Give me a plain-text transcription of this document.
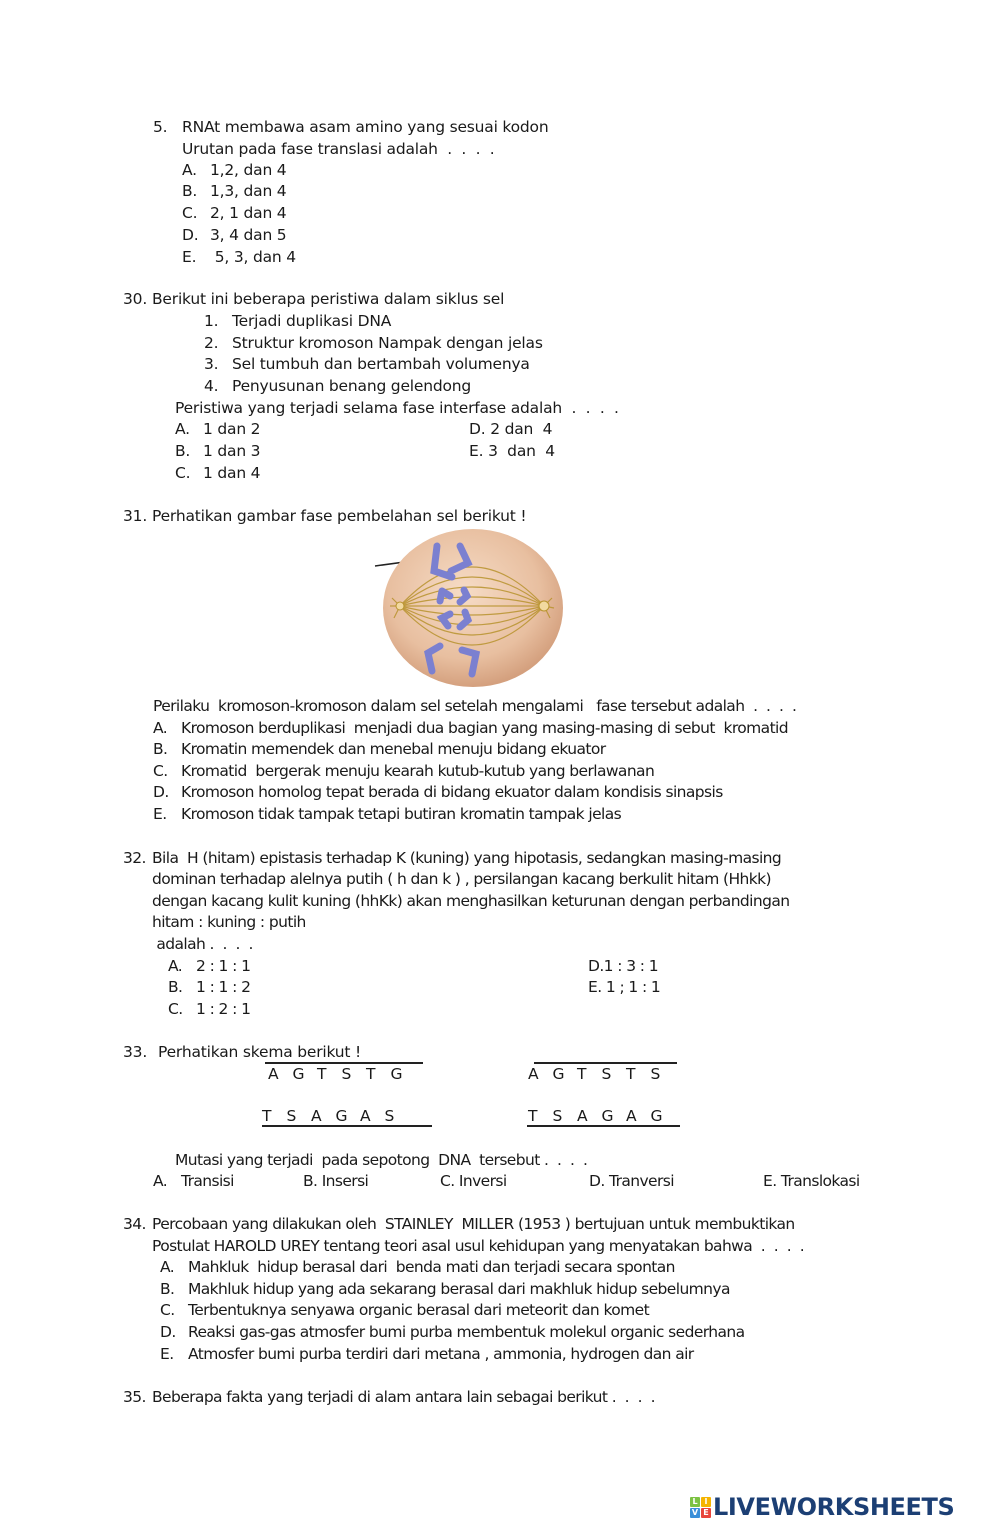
5. RNAt membawa asam amino yang sesuai kodon
Urutan pada fase translasi adalah  .  .  .  .
A. 1,2, dan 4
B. 1,3, dan 4
C. 2, 1 dan 4
D. 3, 4 dan 5
E. 5, 3, dan 4
30. Berikut ini beberapa peristiwa dalam siklus sel
1. Terjadi duplikasi DNA
2. Struktur kromoson Nampak dengan jelas
3. Sel tumbuh dan bertambah volumenya
4. Penyusunan benang gelendong
Peristiwa yang terjadi selama fase interfase adalah  .  .  .  .
A. 1 dan 2
B. 1 dan 3
C. 1 dan 4
D. 2 dan  4
E. 3  dan  4
31. Perhatikan gambar fase pembelahan sel berikut !
Perilaku  kromoson-kromoson dalam sel setelah mengalami   fase tersebut adalah  .  .  .  .
A. Kromoson berduplikasi  menjadi dua bagian yang masing-masing di sebut  kromatid
B. Kromatin memendek dan menebal menuju bidang ekuator
C. Kromatid  bergerak menuju kearah kutub-kutub yang berlawanan
D. Kromoson homolog tepat berada di bidang ekuator dalam kondisis sinapsis
E. Kromoson tidak tampak tetapi butiran kromatin tampak jelas
32. Bila  H (hitam) epistasis terhadap K (kuning) yang hipotasis, sedangkan masing-masing
dominan terhadap alelnya putih ( h dan k ) , persilangan kacang berkulit hitam (Hhkk)
dengan kacang kulit kuning (hhKk) akan menghasilkan keturunan dengan perbandingan
hitam : kuning : putih
adalah .  .  .  .
A. 2 : 1 : 1
B. 1 : 1 : 2
C. 1 : 2 : 1
D.1 : 3 : 1
E. 1 ; 1 : 1
33. Perhatikan skema berikut !
A G T S T G
T S A G A S
A G T S T S
T S A G A G
Mutasi yang terjadi  pada sepotong  DNA  tersebut .  .  .  .
A. Transisi	B. Insersi	C. Inversi	D. Tranversi	E. Translokasi
34. Percobaan yang dilakukan oleh  STAINLEY  MILLER (1953 ) bertujuan untuk membuktikan
Postulat HAROLD UREY tentang teori asal usul kehidupan yang menyatakan bahwa  .  .  .  .
A. Mahkluk  hidup berasal dari  benda mati dan terjadi secara spontan
B. Makhluk hidup yang ada sekarang berasal dari makhluk hidup sebelumnya
C. Terbentuknya senyawa organic berasal dari meteorit dan komet
D. Reaksi gas-gas atmosfer bumi purba membentuk molekul organic sederhana
E. Atmosfer bumi purba terdiri dari metana , ammonia, hydrogen dan air
35. Beberapa fakta yang terjadi di alam antara lain sebagai berikut .  .  .  .
L I
V E LIVEWORKSHEETS
